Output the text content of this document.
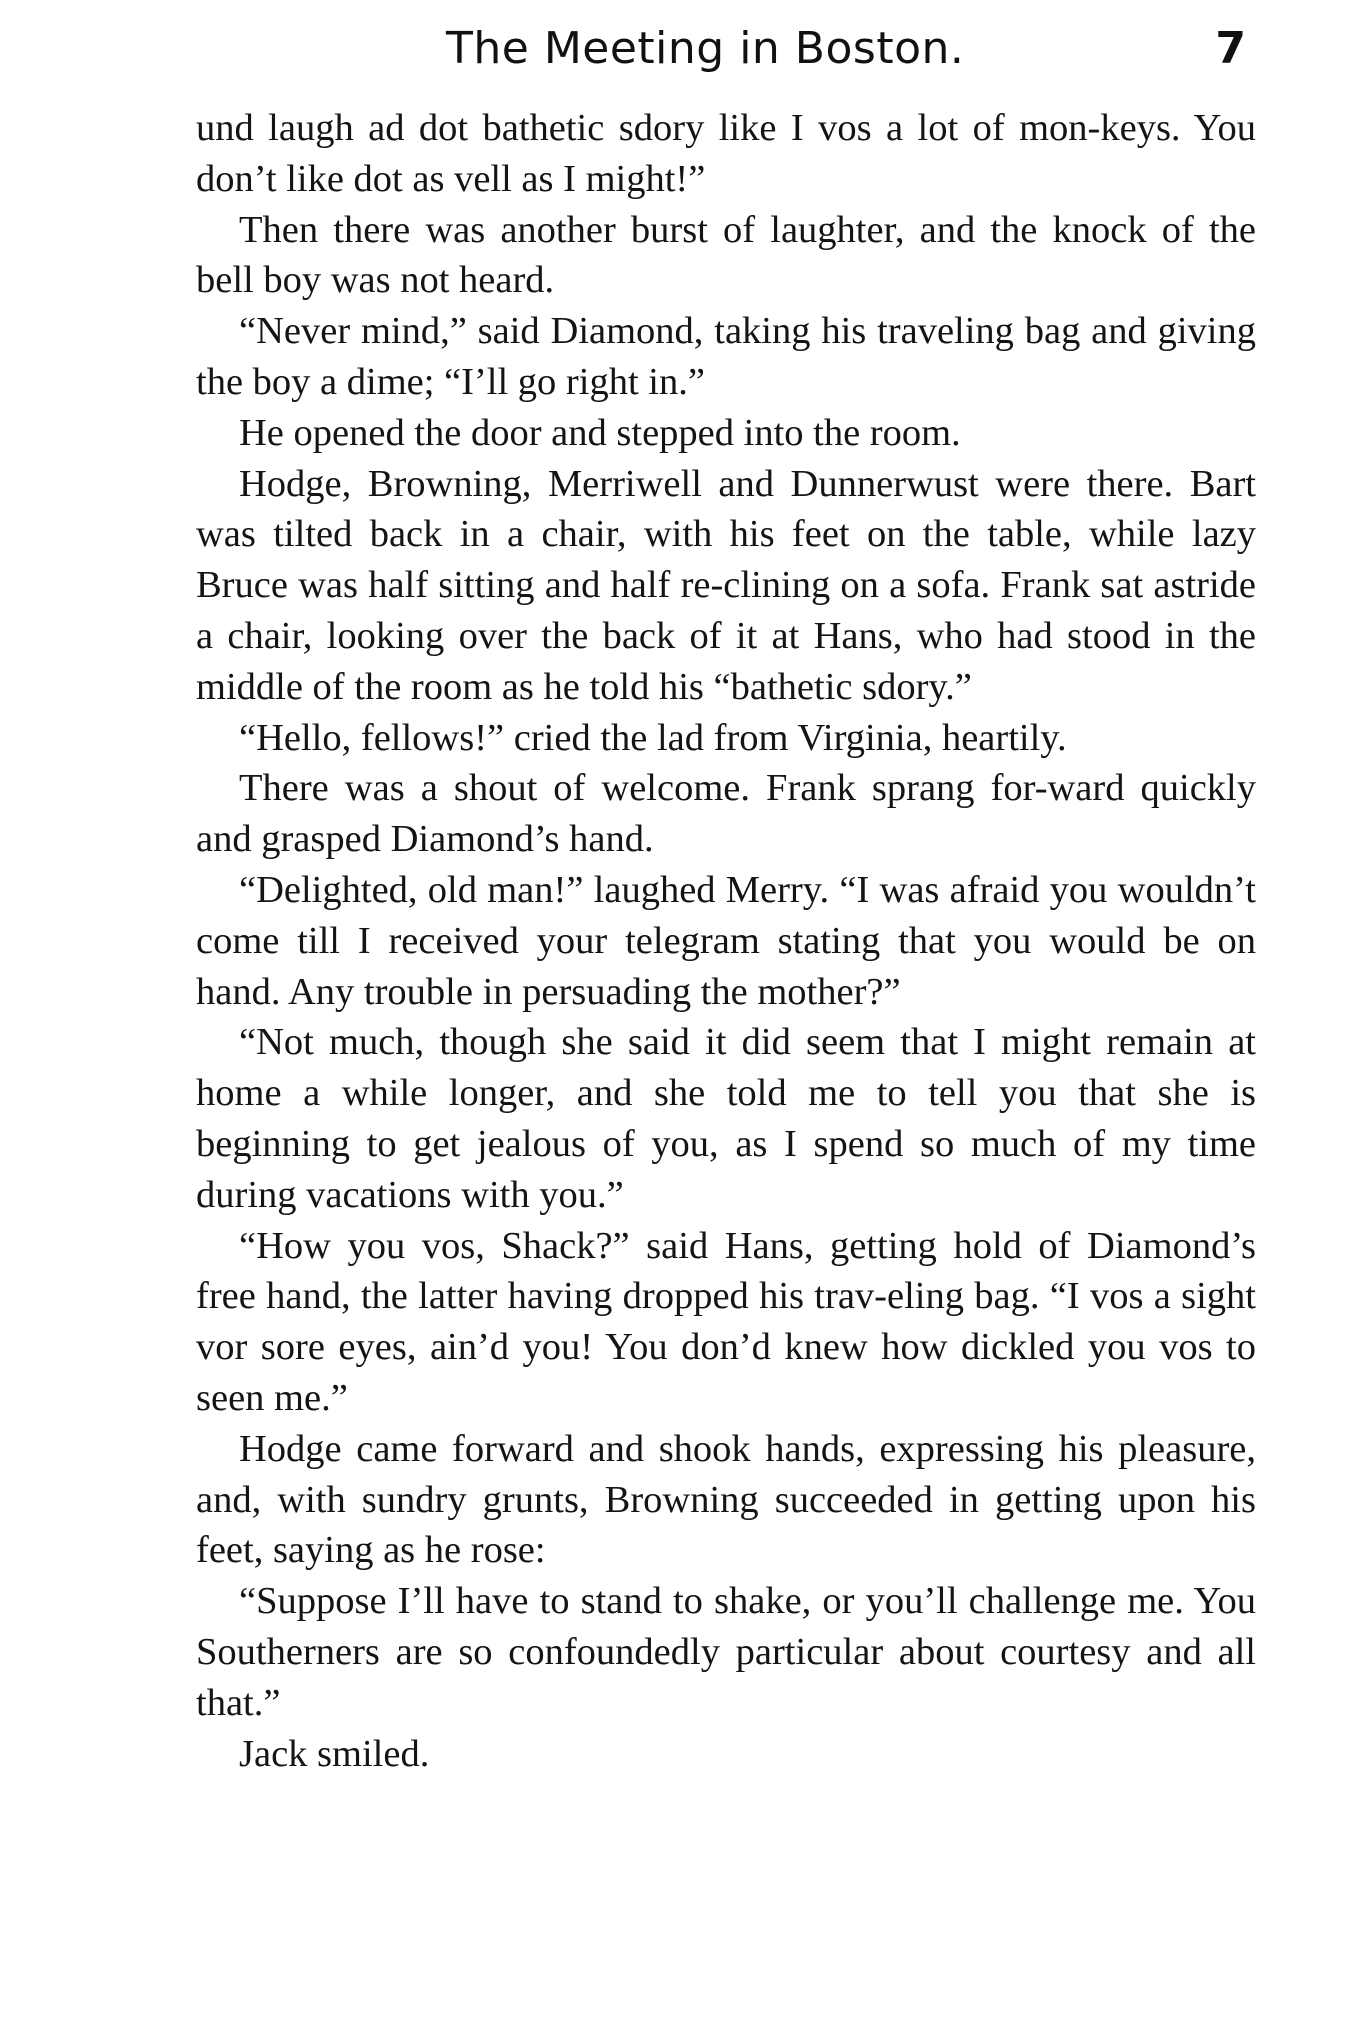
The Meeting in Boston.	7

und laugh ad dot bathetic sdory like I vos a lot of mon-keys. You don’t like dot as vell as I might!”

Then there was another burst of laughter, and the knock of the bell boy was not heard.

“Never mind,” said Diamond, taking his traveling bag and giving the boy a dime; “I’ll go right in.”

He opened the door and stepped into the room.

Hodge, Browning, Merriwell and Dunnerwust were there. Bart was tilted back in a chair, with his feet on the table, while lazy Bruce was half sitting and half re-clining on a sofa. Frank sat astride a chair, looking over the back of it at Hans, who had stood in the middle of the room as he told his “bathetic sdory.”

“Hello, fellows!” cried the lad from Virginia, heartily.

There was a shout of welcome. Frank sprang for-ward quickly and grasped Diamond’s hand.

“Delighted, old man!” laughed Merry. “I was afraid you wouldn’t come till I received your telegram stating that you would be on hand. Any trouble in persuading the mother?”

“Not much, though she said it did seem that I might remain at home a while longer, and she told me to tell you that she is beginning to get jealous of you, as I spend so much of my time during vacations with you.”

“How you vos, Shack?” said Hans, getting hold of Diamond’s free hand, the latter having dropped his trav-eling bag. “I vos a sight vor sore eyes, ain’d you! You don’d knew how dickled you vos to seen me.”

Hodge came forward and shook hands, expressing his pleasure, and, with sundry grunts, Browning succeeded in getting upon his feet, saying as he rose:

“Suppose I’ll have to stand to shake, or you’ll challenge me. You Southerners are so confoundedly particular about courtesy and all that.”

Jack smiled.
